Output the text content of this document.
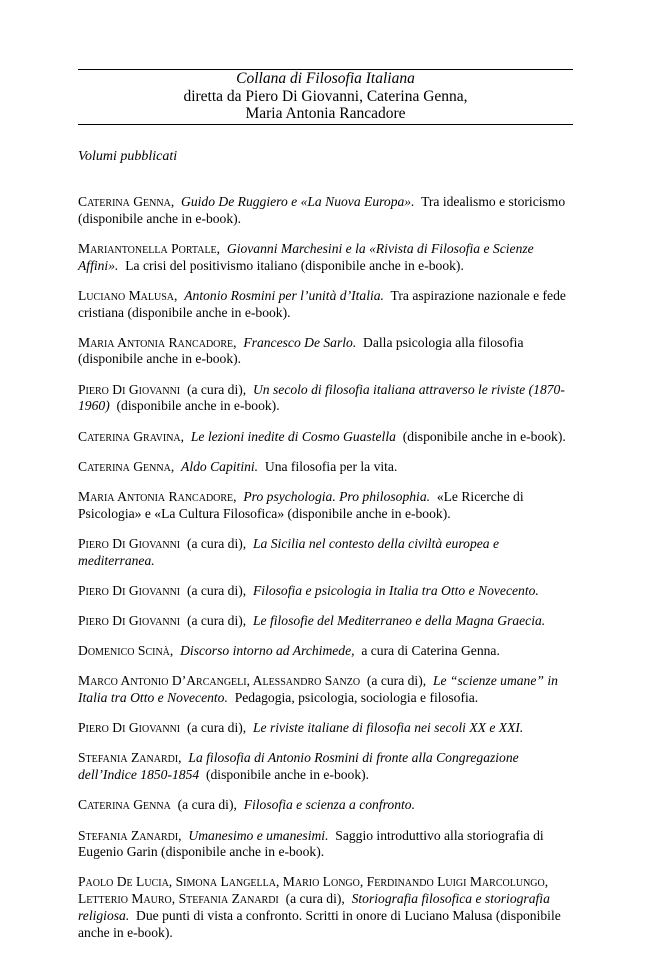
Collana di Filosofia Italiana
diretta da Piero Di Giovanni, Caterina Genna,
Maria Antonia Rancadore
Volumi pubblicati

Caterina Genna, Guido De Ruggiero e «La Nuova Europa». Tra idealismo e storicismo (disponibile anche in e-book).

Mariantonella Portale, Giovanni Marchesini e la «Rivista di Filosofia e Scienze Affini». La crisi del positivismo italiano (disponibile anche in e-book).

Luciano Malusa, Antonio Rosmini per l’unità d’Italia. Tra aspirazione nazionale e fede cristiana (disponibile anche in e-book).

Maria Antonia Rancadore, Francesco De Sarlo. Dalla psicologia alla filosofia (disponibile anche in e-book).

Piero Di Giovanni (a cura di), Un secolo di filosofia italiana attraverso le riviste (1870-1960) (disponibile anche in e-book).

Caterina Gravina, Le lezioni inedite di Cosmo Guastella (disponibile anche in e-book).

Caterina Genna, Aldo Capitini. Una filosofia per la vita.

Maria Antonia Rancadore, Pro psychologia. Pro philosophia. «Le Ricerche di Psicologia» e «La Cultura Filosofica» (disponibile anche in e-book).

Piero Di Giovanni (a cura di), La Sicilia nel contesto della civiltà europea e mediterranea.

Piero Di Giovanni (a cura di), Filosofia e psicologia in Italia tra Otto e Novecento.

Piero Di Giovanni (a cura di), Le filosofie del Mediterraneo e della Magna Graecia.

Domenico Scinà, Discorso intorno ad Archimede, a cura di Caterina Genna.

Marco Antonio D’Arcangeli, Alessandro Sanzo (a cura di), Le “scienze umane” in Italia tra Otto e Novecento. Pedagogia, psicologia, sociologia e filosofia.

Piero Di Giovanni (a cura di), Le riviste italiane di filosofia nei secoli XX e XXI.

Stefania Zanardi, La filosofia di Antonio Rosmini di fronte alla Congregazione dell’Indice 1850-1854 (disponibile anche in e-book).

Caterina Genna (a cura di), Filosofia e scienza a confronto.

Stefania Zanardi, Umanesimo e umanesimi. Saggio introduttivo alla storiografia di Eugenio Garin (disponibile anche in e-book).

Paolo De Lucia, Simona Langella, Mario Longo, Ferdinando Luigi Marcolungo, Letterio Mauro, Stefania Zanardi (a cura di), Storiografia filosofica e storiografia religiosa. Due punti di vista a confronto. Scritti in onore di Luciano Malusa (disponibile anche in e-book).
